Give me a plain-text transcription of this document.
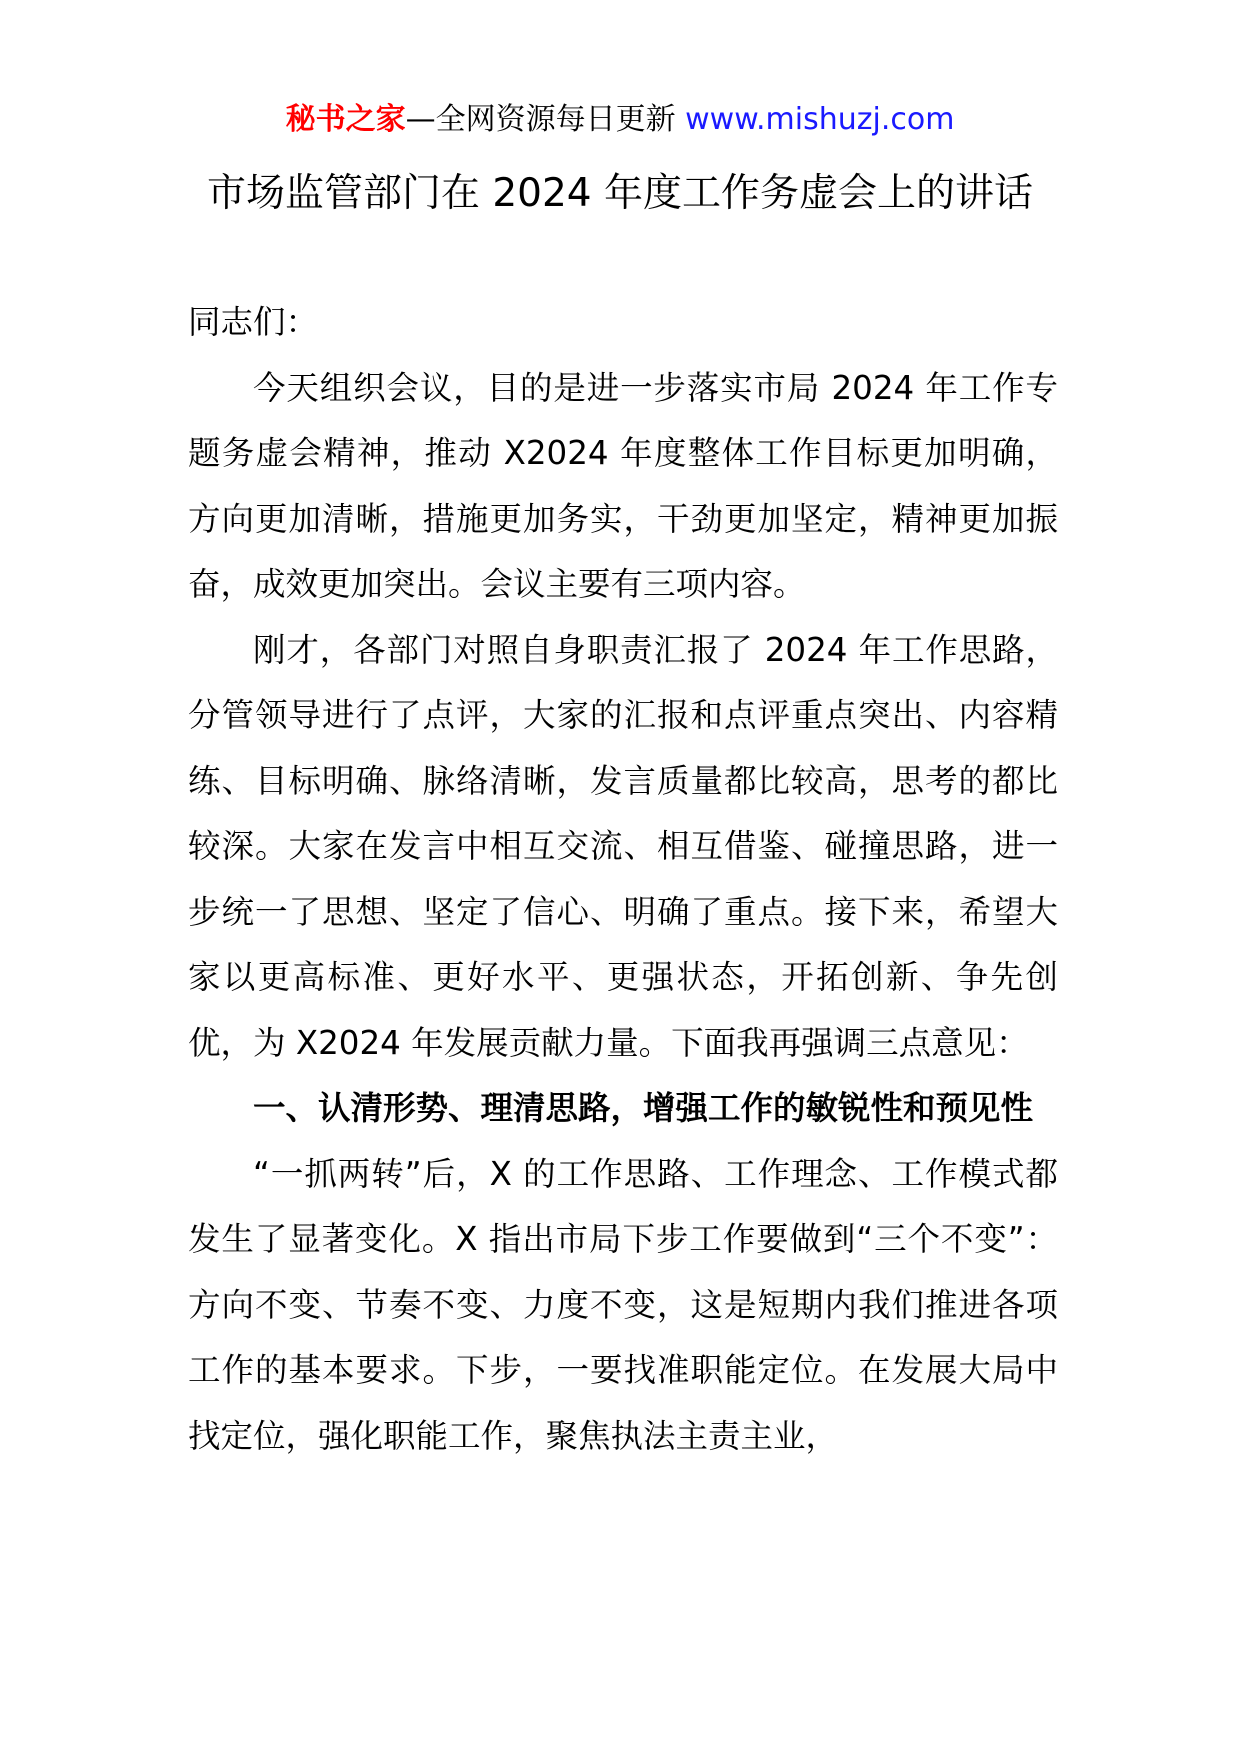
秘书之家—全网资源每日更新 www.mishuzj.com
市场监管部门在 2024 年度工作务虚会上的讲话

同志们：

今天组织会议，目的是进一步落实市局 2024 年工作专题务虚会精神，推动 X2024 年度整体工作目标更加明确，方向更加清晰，措施更加务实，干劲更加坚定，精神更加振奋，成效更加突出。会议主要有三项内容。

刚才，各部门对照自身职责汇报了 2024 年工作思路，分管领导进行了点评，大家的汇报和点评重点突出、内容精练、目标明确、脉络清晰，发言质量都比较高，思考的都比较深。大家在发言中相互交流、相互借鉴、碰撞思路，进一步统一了思想、坚定了信心、明确了重点。接下来，希望大家以更高标准、更好水平、更强状态，开拓创新、争先创优，为 X2024 年发展贡献力量。下面我再强调三点意见：

一、认清形势、理清思路，增强工作的敏锐性和预见性

“一抓两转”后，X 的工作思路、工作理念、工作模式都发生了显著变化。X 指出市局下步工作要做到“三个不变”：方向不变、节奏不变、力度不变，这是短期内我们推进各项工作的基本要求。下步，一要找准职能定位。在发展大局中找定位，强化职能工作，聚焦执法主责主业，
